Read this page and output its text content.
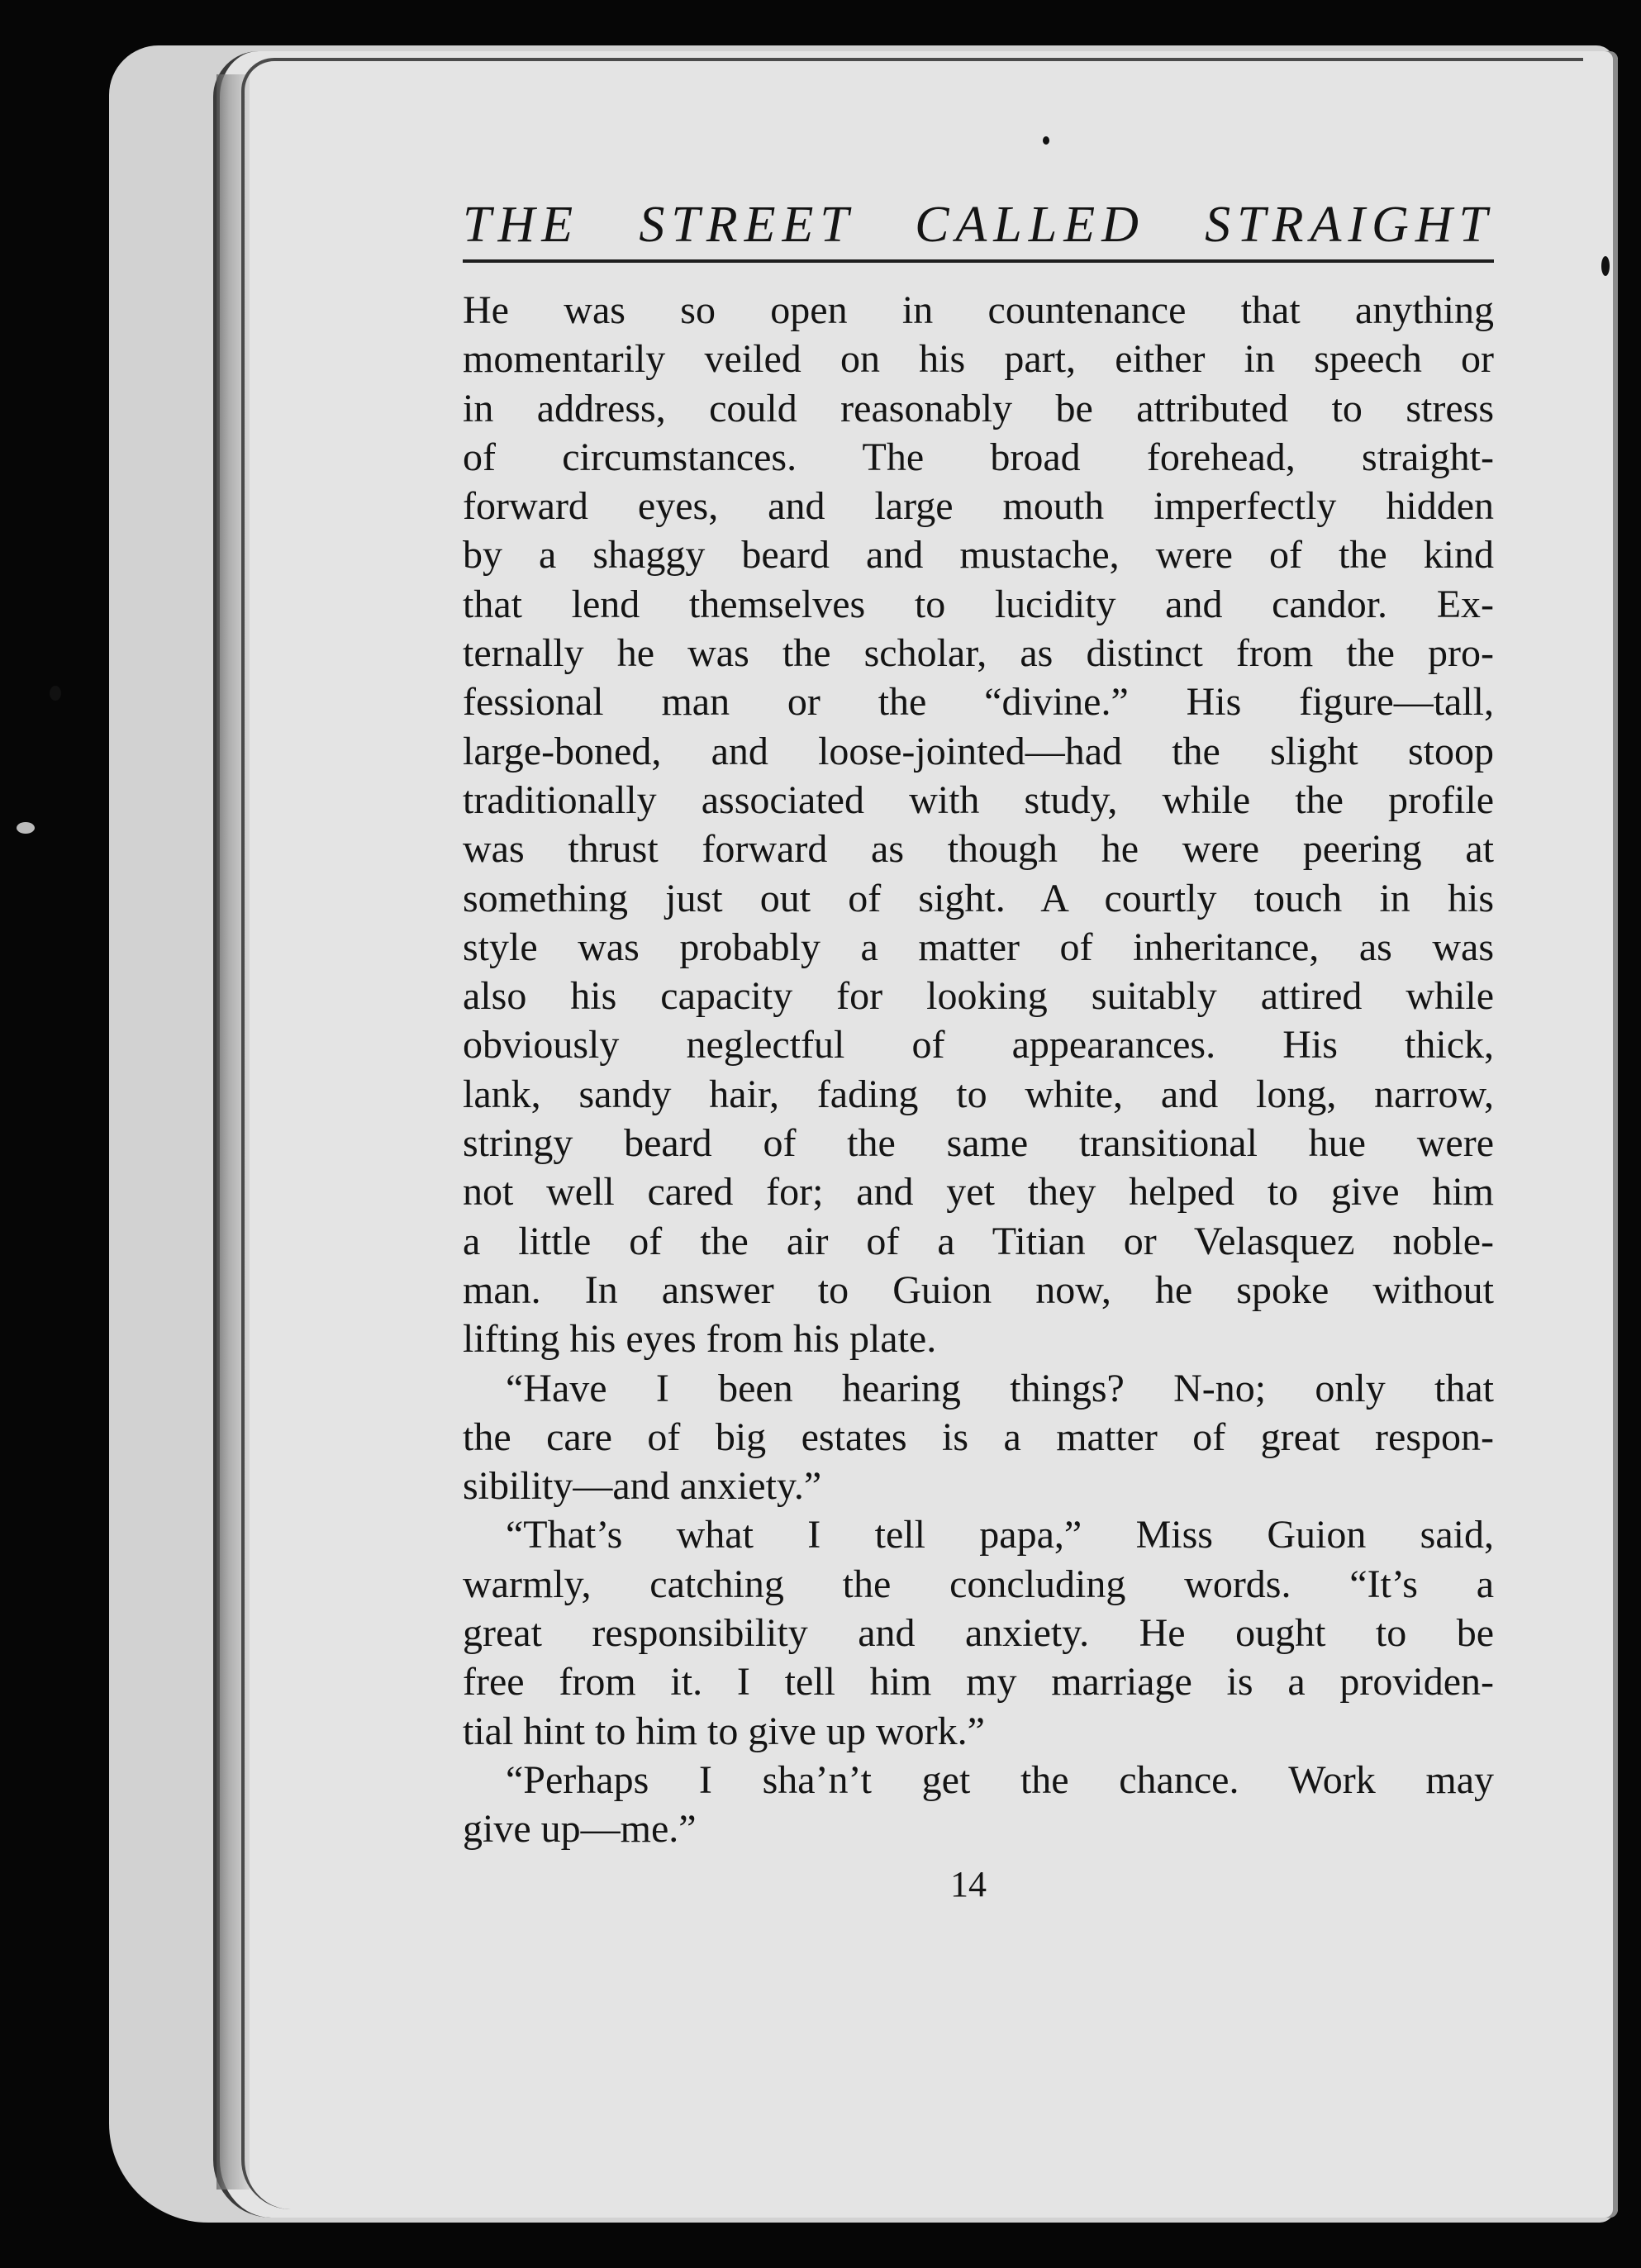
THE STREET CALLED STRAIGHT
He was so open in countenance that anything
momentarily veiled on his part, either in speech or
in address, could reasonably be attributed to stress
of circumstances. The broad forehead, straight-
forward eyes, and large mouth imperfectly hidden
by a shaggy beard and mustache, were of the kind
that lend themselves to lucidity and candor. Ex-
ternally he was the scholar, as distinct from the pro-
fessional man or the “divine.” His figure—tall,
large-boned, and loose-jointed—had the slight stoop
traditionally associated with study, while the profile
was thrust forward as though he were peering at
something just out of sight. A courtly touch in his
style was probably a matter of inheritance, as was
also his capacity for looking suitably attired while
obviously neglectful of appearances. His thick,
lank, sandy hair, fading to white, and long, narrow,
stringy beard of the same transitional hue were
not well cared for; and yet they helped to give him
a little of the air of a Titian or Velasquez noble-
man. In answer to Guion now, he spoke without
lifting his eyes from his plate.
“Have I been hearing things? N-no; only that
the care of big estates is a matter of great respon-
sibility—and anxiety.”
“That’s what I tell papa,” Miss Guion said,
warmly, catching the concluding words. “It’s a
great responsibility and anxiety. He ought to be
free from it. I tell him my marriage is a providen-
tial hint to him to give up work.”
“Perhaps I sha’n’t get the chance. Work may
give up—me.”
14
